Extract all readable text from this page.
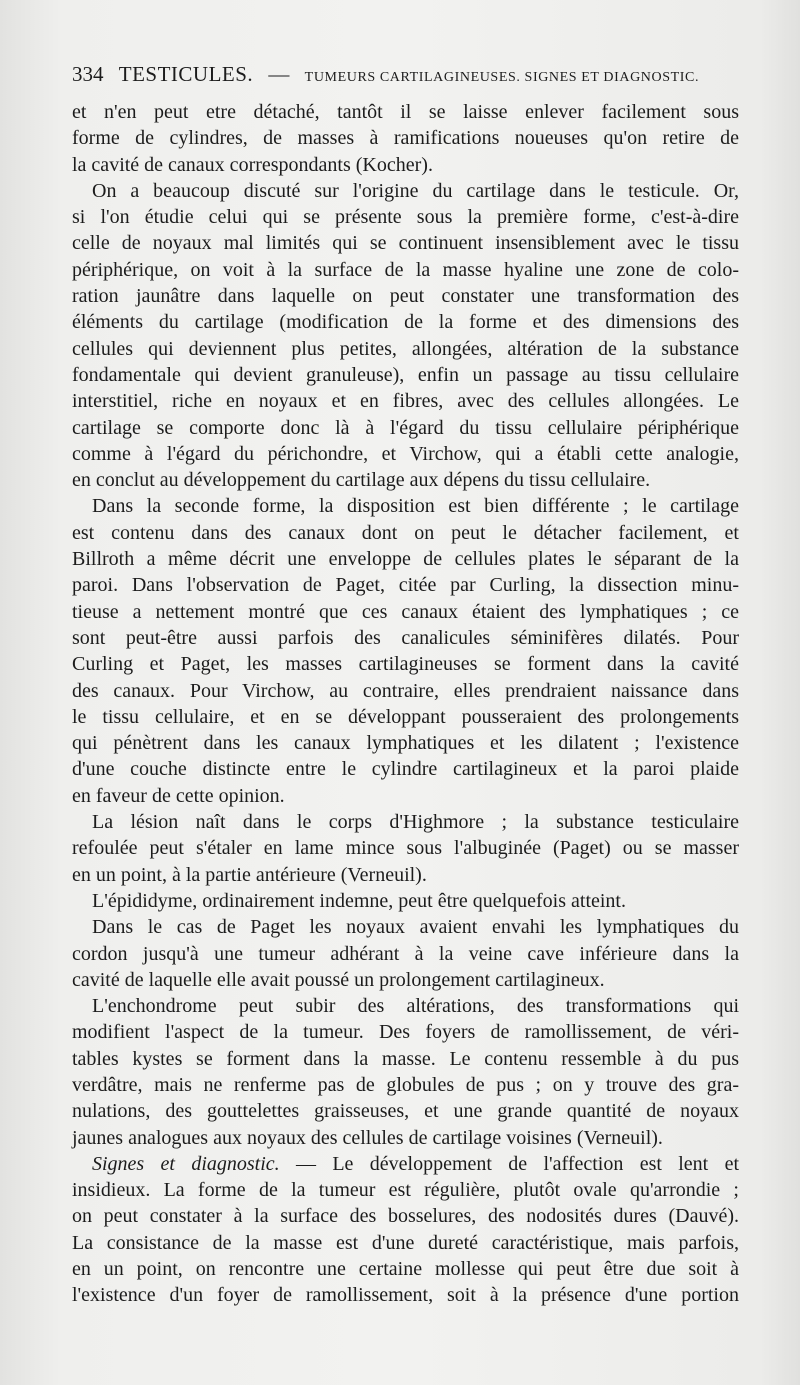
334 TESTICULES. — TUMEURS CARTILAGINEUSES. SIGNES ET DIAGNOSTIC.
et n'en peut etre détaché, tantôt il se laisse enlever facilement sous
forme de cylindres, de masses à ramifications noueuses qu'on retire de
la cavité de canaux correspondants (Kocher).
On a beaucoup discuté sur l'origine du cartilage dans le testicule. Or,
si l'on étudie celui qui se présente sous la première forme, c'est-à-dire
celle de noyaux mal limités qui se continuent insensiblement avec le tissu
périphérique, on voit à la surface de la masse hyaline une zone de colo-
ration jaunâtre dans laquelle on peut constater une transformation des
éléments du cartilage (modification de la forme et des dimensions des
cellules qui deviennent plus petites, allongées, altération de la substance
fondamentale qui devient granuleuse), enfin un passage au tissu cellulaire
interstitiel, riche en noyaux et en fibres, avec des cellules allongées. Le
cartilage se comporte donc là à l'égard du tissu cellulaire périphérique
comme à l'égard du périchondre, et Virchow, qui a établi cette analogie,
en conclut au développement du cartilage aux dépens du tissu cellulaire.
Dans la seconde forme, la disposition est bien différente ; le cartilage
est contenu dans des canaux dont on peut le détacher facilement, et
Billroth a même décrit une enveloppe de cellules plates le séparant de la
paroi. Dans l'observation de Paget, citée par Curling, la dissection minu-
tieuse a nettement montré que ces canaux étaient des lymphatiques ; ce
sont peut-être aussi parfois des canalicules séminifères dilatés. Pour
Curling et Paget, les masses cartilagineuses se forment dans la cavité
des canaux. Pour Virchow, au contraire, elles prendraient naissance dans
le tissu cellulaire, et en se développant pousseraient des prolongements
qui pénètrent dans les canaux lymphatiques et les dilatent ; l'existence
d'une couche distincte entre le cylindre cartilagineux et la paroi plaide
en faveur de cette opinion.
La lésion naît dans le corps d'Highmore ; la substance testiculaire
refoulée peut s'étaler en lame mince sous l'albuginée (Paget) ou se masser
en un point, à la partie antérieure (Verneuil).
L'épididyme, ordinairement indemne, peut être quelquefois atteint.
Dans le cas de Paget les noyaux avaient envahi les lymphatiques du
cordon jusqu'à une tumeur adhérant à la veine cave inférieure dans la
cavité de laquelle elle avait poussé un prolongement cartilagineux.
L'enchondrome peut subir des altérations, des transformations qui
modifient l'aspect de la tumeur. Des foyers de ramollissement, de véri-
tables kystes se forment dans la masse. Le contenu ressemble à du pus
verdâtre, mais ne renferme pas de globules de pus ; on y trouve des gra-
nulations, des gouttelettes graisseuses, et une grande quantité de noyaux
jaunes analogues aux noyaux des cellules de cartilage voisines (Verneuil).
Signes et diagnostic. — Le développement de l'affection est lent et
insidieux. La forme de la tumeur est régulière, plutôt ovale qu'arrondie ;
on peut constater à la surface des bosselures, des nodosités dures (Dauvé).
La consistance de la masse est d'une dureté caractéristique, mais parfois,
en un point, on rencontre une certaine mollesse qui peut être due soit à
l'existence d'un foyer de ramollissement, soit à la présence d'une portion
